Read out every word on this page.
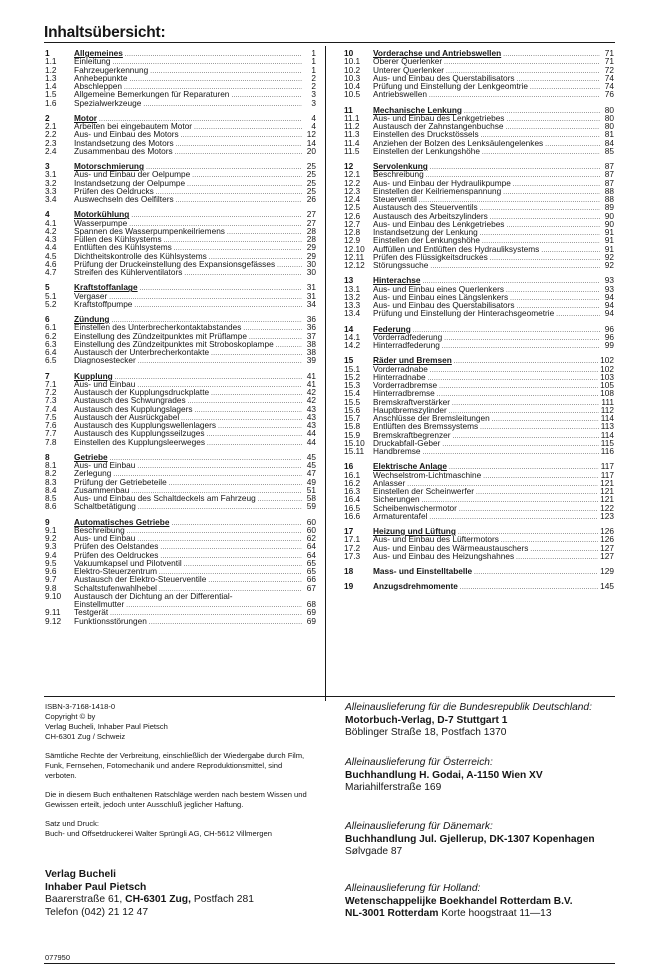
Inhaltsübersicht:
1	Allgemeines . . .	1
1.1	Einleitung . . .	1
1.2	Fahrzeugerkennung . . .	1
1.3	Anhebepunkte . . .	2
1.4	Abschleppen . . .	2
1.5	Allgemeine Bemerkungen für Reparaturen . . .	3
1.6	Spezialwerkzeuge . . .	3
2	Motor . . .	4
2.1	Arbeiten bei eingebautem Motor . . .	4
2.2	Aus- und Einbau des Motors . . .	12
2.3	Instandsetzung des Motors . . .	14
2.4	Zusammenbau des Motors . . .	20
3	Motorschmierung . . .	25
3.1	Aus- und Einbau der Oelpumpe . . .	25
3.2	Instandsetzung der Oelpumpe . . .	25
3.3	Prüfen des Oeldrucks . . .	25
3.4	Auswechseln des Oelfilters . . .	26
4	Motorkühlung . . .	27
4.1	Wasserpumpe . . .	27
4.2	Spannen des Wasserpumpenkeilriemens . . .	28
4.3	Füllen des Kühlsystems . . .	28
4.4	Entlüften des Kühlsystems . . .	29
4.5	Dichtheitskontrolle des Kühlsystems . . .	29
4.6	Prüfung der Druckeinstellung des Expansionsgefässes . . .	30
4.7	Streifen des Kühlerventilators . . .	30
5	Kraftstoffanlage . . .	31
5.1	Vergaser . . .	31
5.2	Kraftstoffpumpe . . .	34
6	Zündung . . .	36
6.1	Einstellen des Unterbrecherkontaktabstandes . . .	36
6.2	Einstellung des Zündzeitpunktes mit Prüflampe . . .	37
6.3	Einstellung des Zündzeitpunktes mit Stroboskoplampe . . .	38
6.4	Austausch der Unterbrecherkontakte . . .	38
6.5	Diagnosestecker . . .	39
7	Kupplung . . .	41
7.1	Aus- und Einbau . . .	41
7.2	Austausch der Kupplungsdruckplatte . . .	42
7.3	Austausch des Schwungrades . . .	42
7.4	Austausch des Kupplungslagers . . .	43
7.5	Austausch der Ausrückgabel . . .	43
7.6	Austausch des Kupplungswellenlagers . . .	43
7.7	Austausch des Kupplungsseilzuges . . .	44
7.8	Einstellen des Kupplungsleerweges . . .	44
8	Getriebe . . .	45
8.1	Aus- und Einbau . . .	45
8.2	Zerlegung . . .	47
8.3	Prüfung der Getriebeteile . . .	49
8.4	Zusammenbau . . .	51
8.5	Aus- und Einbau des Schaltdeckels am Fahrzeug . . .	58
8.6	Schaltbetätigung . . .	59
9	Automatisches Getriebe . . .	60
9.1	Beschreibung . . .	60
9.2	Aus- und Einbau . . .	62
9.3	Prüfen des Oelstandes . . .	64
9.4	Prüfen des Oeldruckes . . .	64
9.5	Vakuumkapsel und Pilotventil . . .	65
9.6	Elektro-Steuerzentrum . . .	65
9.7	Austausch der Elektro-Steuerventile . . .	66
9.8	Schaltstufenwahlhebel . . .	67
9.10	Austausch der Dichtung an der Differential-
Einstellmutter . . .	68
9.11	Testgerät . . .	69
9.12	Funktionsstörungen . . .	69
10	Vorderachse und Antriebswellen . . .	71
10.1	Oberer Querlenker . . .	71
10.2	Unterer Querlenker . . .	72
10.3	Aus- und Einbau des Querstabilisators . . .	74
10.4	Prüfung und Einstellung der Lenkgeomtrie . . .	74
10.5	Antriebswellen . . .	76
11	Mechanische Lenkung . . .	80
11.1	Aus- und Einbau des Lenkgetriebes . . .	80
11.2	Austausch der Zahnstangenbuchse . . .	80
11.3	Einstellen des Druckstössels . . .	81
11.4	Anziehen der Bolzen des Lenksäulengelenkes . . .	84
11.5	Einstellen der Lenkungshöhe . . .	85
12	Servolenkung . . .	87
12.1	Beschreibung . . .	87
12.2	Aus- und Einbau der Hydraulikpumpe . . .	87
12.3	Einstellen der Keilriemenspannung . . .	88
12.4	Steuerventil . . .	88
12.5	Austausch des Steuerventils . . .	89
12.6	Austausch des Arbeitszylinders . . .	90
12.7	Aus- und Einbau des Lenkgetriebes . . .	90
12.8	Instandsetzung der Lenkung . . .	91
12.9	Einstellen der Lenkungshöhe . . .	91
12.10 Auffüllen und Entlüften des Hydrauliksystems . . .	91
12.11	Prüfen des Flüssigkeitsdruckes . . .	92
12.12 Störungssuche . . .	92
13	Hinterachse . . .	93
13.1	Aus- und Einbau eines Querlenkers . . .	93
13.2	Aus- und Einbau eines Längslenkers . . .	94
13.3	Aus- und Einbau des Querstabilisators . . .	94
13.4	Prüfung und Einstellung der Hinterachsgeometrie . . .	94
14	Federung . . .	96
14.1	Vorderradfederung . . .	96
14.2	Hinterradfederung . . .	99
15	Räder und Bremsen . . .	102
15.1	Vorderradnabe . . .	102
15.2	Hinterradnabe . . .	103
15.3	Vorderradbremse . . .	105
15.4	Hinterradbremse . . .	108
15.5	Bremskraftverstärker . . .	111
15.6	Hauptbremszylinder . . .	112
15.7	Anschlüsse der Bremsleitungen . . .	114
15.8	Entlüften des Bremssystems . . .	113
15.9	Bremskraftbegrenzer . . .	114
15.10 Druckabfall-Geber . . .	115
15.11	Handbremse . . .	116
16	Elektrische Anlage . . .	117
16.1	Wechselstrom-Lichtmaschine . . .	117
16.2	Anlasser . . .	121
16.3	Einstellen der Scheinwerfer . . .	121
16.4	Sicherungen . . .	121
16.5	Scheibenwischermotor . . .	122
16.6	Armaturentafel . . .	123
17	Heizung und Lüftung . . .	126
17.1	Aus- und Einbau des Lüftermotors . . .	126
17.2	Aus- und Einbau des Wärmeaustauschers . . .	127
17.3	Aus- und Einbau des Heizungshahnes . . .	127
18	Mass- und Einstelltabelle . . .	129
19	Anzugsdrehmomente . . .	145

ISBN-3-7168-1418-0

Copyright © by

Verlag Bucheli, Inhaber Paul Pietsch

CH-6301 Zug / Schweiz

Sämtliche Rechte der Verbreitung, einschließlich der Wiedergabe durch Film, Funk, Fernsehen, Fotomechanik und andere Reproduktionsmittel, sind verboten.

Die in diesem Buch enthaltenen Ratschläge werden nach bestem Wissen und Gewissen erteilt, jedoch unter Ausschluß jeglicher Haftung.

Satz und Druck:

Buch- und Offsetdruckerei Walter Sprüngli AG, CH-5612 Villmergen

Verlag Bucheli
Inhaber Paul Pietsch
Baarerstraße 61, CH-6301 Zug, Postfach 281
Telefon (042) 21 12 47
077950
Alleinauslieferung für die Bundesrepublik Deutschland:
Motorbuch-Verlag, D-7 Stuttgart 1
Böblinger Straße 18, Postfach 1370
Alleinauslieferung für Österreich:
Buchhandlung H. Godai, A-1150 Wien XV
Mariahilferstraße 169
Alleinauslieferung für Dänemark:
Buchhandlung Jul. Gjellerup, DK-1307 Kopenhagen
Sølvgade 87
Alleinauslieferung für Holland:
Wetenschappelijke Boekhandel Rotterdam B.V.
NL-3001 Rotterdam Korte hoogstraat 11—13
